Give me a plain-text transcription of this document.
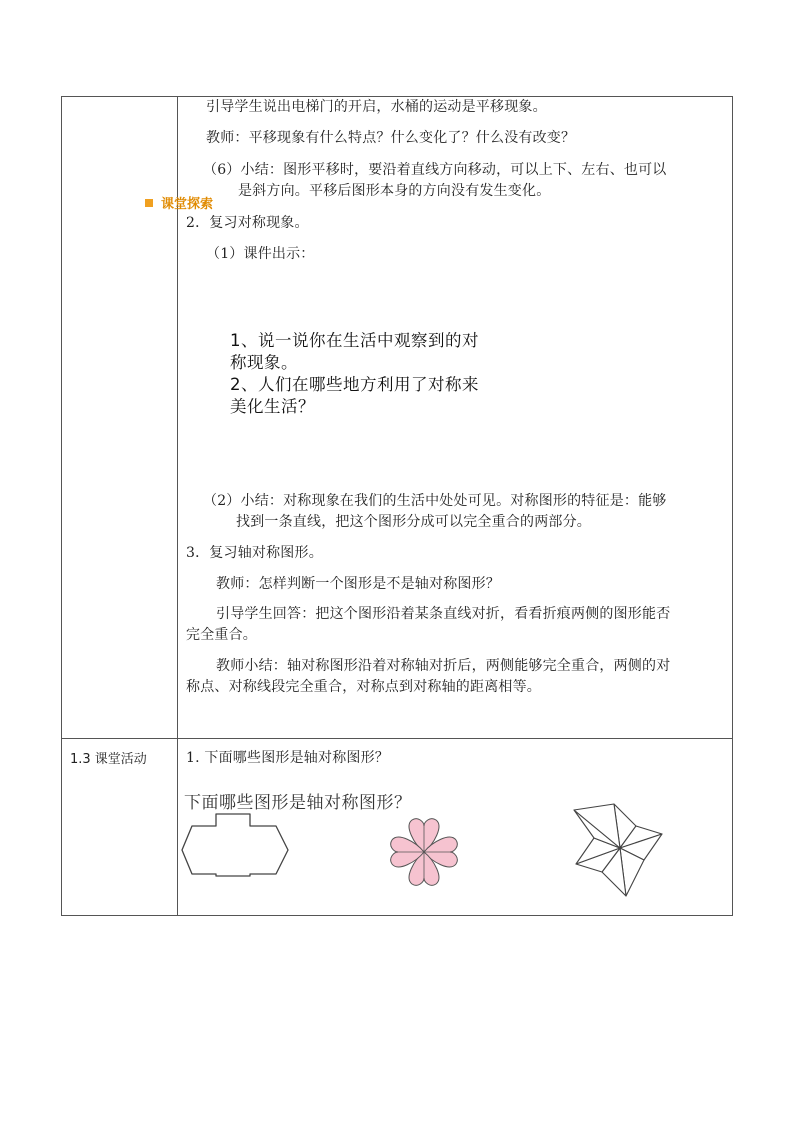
1.3 课堂活动
引导学生说出电梯门的开启，水桶的运动是平移现象。
教师：平移现象有什么特点？什么变化了？什么没有改变？
（6）小结：图形平移时，要沿着直线方向移动，可以上下、左右、也可以
是斜方向。平移后图形本身的方向没有发生变化。
2．复习对称现象。
（1）课件出示：
课堂探索
1、说一说你在生活中观察到的对
称现象。
2、人们在哪些地方利用了对称来
美化生活？
（2）小结：对称现象在我们的生活中处处可见。对称图形的特征是：能够
找到一条直线，把这个图形分成可以完全重合的两部分。
3．复习轴对称图形。
教师：怎样判断一个图形是不是轴对称图形？
引导学生回答：把这个图形沿着某条直线对折，看看折痕两侧的图形能否
完全重合。
教师小结：轴对称图形沿着对称轴对折后，两侧能够完全重合，两侧的对
称点、对称线段完全重合，对称点到对称轴的距离相等。
1. 下面哪些图形是轴对称图形？
下面哪些图形是轴对称图形？
